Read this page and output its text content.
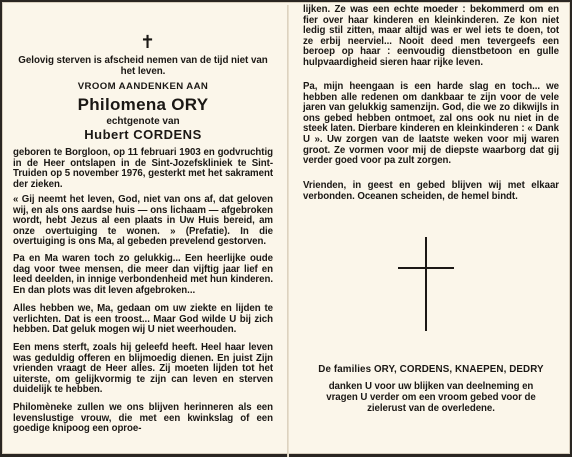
✝

Gelovig sterven is afscheid nemen van de tijd niet van het leven.

VROOM AANDENKEN AAN

Philomena ORY
echtgenote van
Hubert CORDENS

geboren te Borgloon, op 11 februari 1903 en godvruchtig in de Heer ontslapen in de Sint-Jozefskliniek te Sint-Truiden op 5 november 1976, gesterkt met het sakrament der zieken.

« Gij neemt het leven, God, niet van ons af, dat geloven wij, en als ons aardse huis — ons lichaam — afgebroken wordt, hebt Jezus al een plaats in Uw Huis bereid, am onze overtuiging te wonen. » (Prefatie). In die overtuiging is ons Ma, al gebeden prevelend gestorven.

Pa en Ma waren toch zo gelukkig... Een heerlijke oude dag voor twee mensen, die meer dan vijftig jaar lief en leed deelden, in innige verbondenheid met hun kinderen. En dan plots was dit leven afgebroken...

Alles hebben we, Ma, gedaan om uw ziekte en lijden te verlichten. Dat is een troost... Maar God wilde U bij zich hebben. Dat geluk mogen wij U niet weerhouden.

Een mens sterft, zoals hij geleefd heeft. Heel haar leven was geduldig offeren en blijmoedig dienen. En juist Zijn vrienden vraagt de Heer alles. Zij moeten lijden tot het uiterste, om gelijkvormig te zijn can leven en sterven duidelijk te hebben.

Philomèneke zullen we ons blijven herinneren als een levenslustige vrouw, die met een kwinkslag of een goedige knipoog een oproe-

lijken. Ze was een echte moeder : bekommerd om en fier over haar kinderen en kleinkinderen. Ze kon niet ledig stil zitten, maar altijd was er wel iets te doen, tot ze erbij neerviel... Nooit deed men tevergeefs een beroep op haar : eenvoudig dienstbetoon en gulle hulpvaardigheid sieren haar rijke leven.

Pa, mijn heengaan is een harde slag en toch... we hebben alle redenen om dankbaar te zijn voor de vele jaren van gelukkig samenzijn. God, die we zo dikwijls in ons gebed hebben ontmoet, zal ons ook nu niet in de steek laten. Dierbare kinderen en kleinkinderen : « Dank U ». Uw zorgen van de laatste weken voor mij waren groot. Ze vormen voor mij de diepste waarborg dat gij verder goed voor pa zult zorgen.

Vrienden, in geest en gebed blijven wij met elkaar verbonden. Oceanen scheiden, de hemel bindt.

De families ORY, CORDENS, KNAEPEN, DEDRY

danken U voor uw blijken van deelneming en vragen U verder om een vroom gebed voor de zielerust van de overledene.
